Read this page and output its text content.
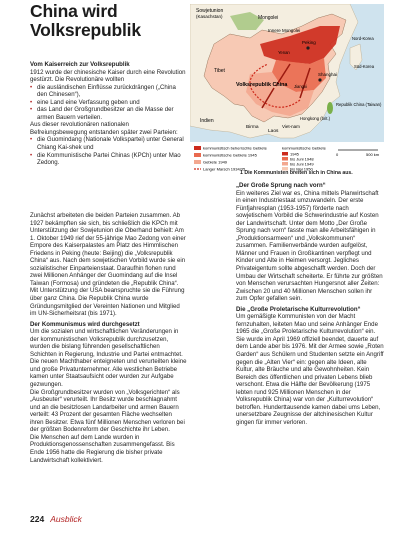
China wird
Volksrepublik
Sowjetunion
(Kasachstan)	Mongolei
Innere Mongolei
Peking
Nord-Korea
Süd-Korea
Shanghai
Tibet
Volksrepublik China
Indien
Birma
Laos
Viet-nam
Republik China (Taiwan)
Hongkong (brit.)
Jiangxi
Yenan
kommunistisch beherrschte Gebiete
kommunistische Gebiete 1945
Gebiete 1949
Langer Marsch 1934/35
kommunistische Gebiete
1945
bis Juni 1948
bis Juni 1949
bis Mai 1950
0	500 km
1 Die Kommunisten breiten sich in China aus.

Vom Kaiserreich zur Volksrepublik

1912 wurde der chinesische Kaiser durch eine Revolution gestürzt. Die Revolutionäre wollten

• die ausländischen Einflüsse zurückdrängen („China den Chinesen“),
• eine Land eine Verfassung geben und
• das Land der Großgrundbesitzer an die Masse der armen Bauern verteilen.

Aus dieser revolutionären nationalen Befreiungsbewegung entstanden später zwei Parteien:

• die Guomindang (Nationale Volkspartei) unter General Chiang Kai-shek und
• die Kommunistische Partei Chinas (KPCh) unter Mao Zedong.

Zunächst arbeiteten die beiden Parteien zusammen. Ab 1927 bekämpften sie sich, bis schließlich die KPCh mit Unterstützung der Sowjetunion die Oberhand behielt: Am 1. Oktober 1949 rief der 55-jährige Mao Zedong von einer Empore des Kaiserpalastes am Platz des Himmlischen Friedens in Peking (heute: Beijing) die „Volksrepublik China“ aus. Nach dem sowjetischen Vorbild wurde sie ein sozialistischer Einparteienstaat. Daraufhin flohen rund zwei Millionen Anhänger der Guomindang auf die Insel Taiwan (Formosa) und gründeten die „Republik China“. Mit Unterstützung der USA beanspruchte sie die Führung über ganz China. Die Republik China wurde Gründungsmitglied der Vereinten Nationen und Mitglied im UN-Sicherheitsrat (bis 1971).

Der Kommunismus wird durchgesetzt

Um die sozialen und wirtschaftlichen Veränderungen in der kommunistischen Volksrepublik durchzusetzen, wurden die bislang führenden gesellschaftlichen Schichten in Regierung, Industrie und Partei entmachtet. Die neuen Machthaber enteigneten und verurteilten kleine und große Privatunternehmer. Alle westlichen Betriebe kamen unter Staatsaufsicht oder wurden zur Aufgabe gezwungen.

Die Großgrundbesitzer wurden von „Volksgerichten“ als „Ausbeuter“ verurteilt. Ihr Besitz wurde beschlagnahmt und an die besitzlosen Landarbeiter und armen Bauern verteilt: 43 Prozent der gesamten Fläche wechselten ihren Besitzer. Etwa fünf Millionen Menschen verloren bei der größten Bodenreform der Geschichte ihr Leben.

Die Menschen auf dem Lande wurden in Produktionsgenossenschaften zusammengefasst. Bis Ende 1956 hatte die Regierung die bisher private Landwirtschaft kollektiviert.

„Der Große Sprung nach vorn“

Ein weiteres Ziel war es, China mittels Planwirtschaft in einen Industriestaat umzuwandeln. Der erste Fünfjahresplan (1953-1957) förderte nach sowjetischem Vorbild die Schwerindustrie auf Kosten der Landwirtschaft. Unter dem Motto „Der Große Sprung nach vorn“ fasste man alle Arbeitsfähigen in „Produktionsarmeen“ und „Volkskommunen“ zusammen. Familienverbände wurden aufgelöst, Männer und Frauen in Großkantinen verpflegt und Kinder und Alte in Heimen versorgt. Jegliches Privateigentum sollte abgeschafft werden. Doch der Umbau der Wirtschaft scheiterte. Er führte zur größten von Menschen verursachten Hungersnot aller Zeiten: Zwischen 20 und 40 Millionen Menschen sollen ihr zum Opfer gefallen sein.

Die „Große Proletarische Kulturrevolution“

Um gemäßigte Kommunisten von der Macht fernzuhalten, leiteten Mao und seine Anhänger Ende 1965 die „Große Proletarische Kulturrevolution“ ein. Sie wurde im April 1969 offiziell beendet, dauerte auf dem Lande aber bis 1976. Mit der Armee sowie „Roten Garden“ aus Schülern und Studenten setzte ein Angriff gegen die „Alten Vier“ ein: gegen alte Ideen, alte Kultur, alte Bräuche und alte Gewohnheiten. Kein Bereich des öffentlichen und privaten Lebens blieb verschont. Etwa die Hälfte der Bevölkerung (1975 lebten rund 925 Millionen Menschen in der Volksrepublik China) war von der „Kulturrevolution“ betroffen. Hunderttausende kamen dabei ums Leben, unersetzbare Zeugnisse der altchinesischen Kultur gingen für immer verloren.

224 Ausblick
